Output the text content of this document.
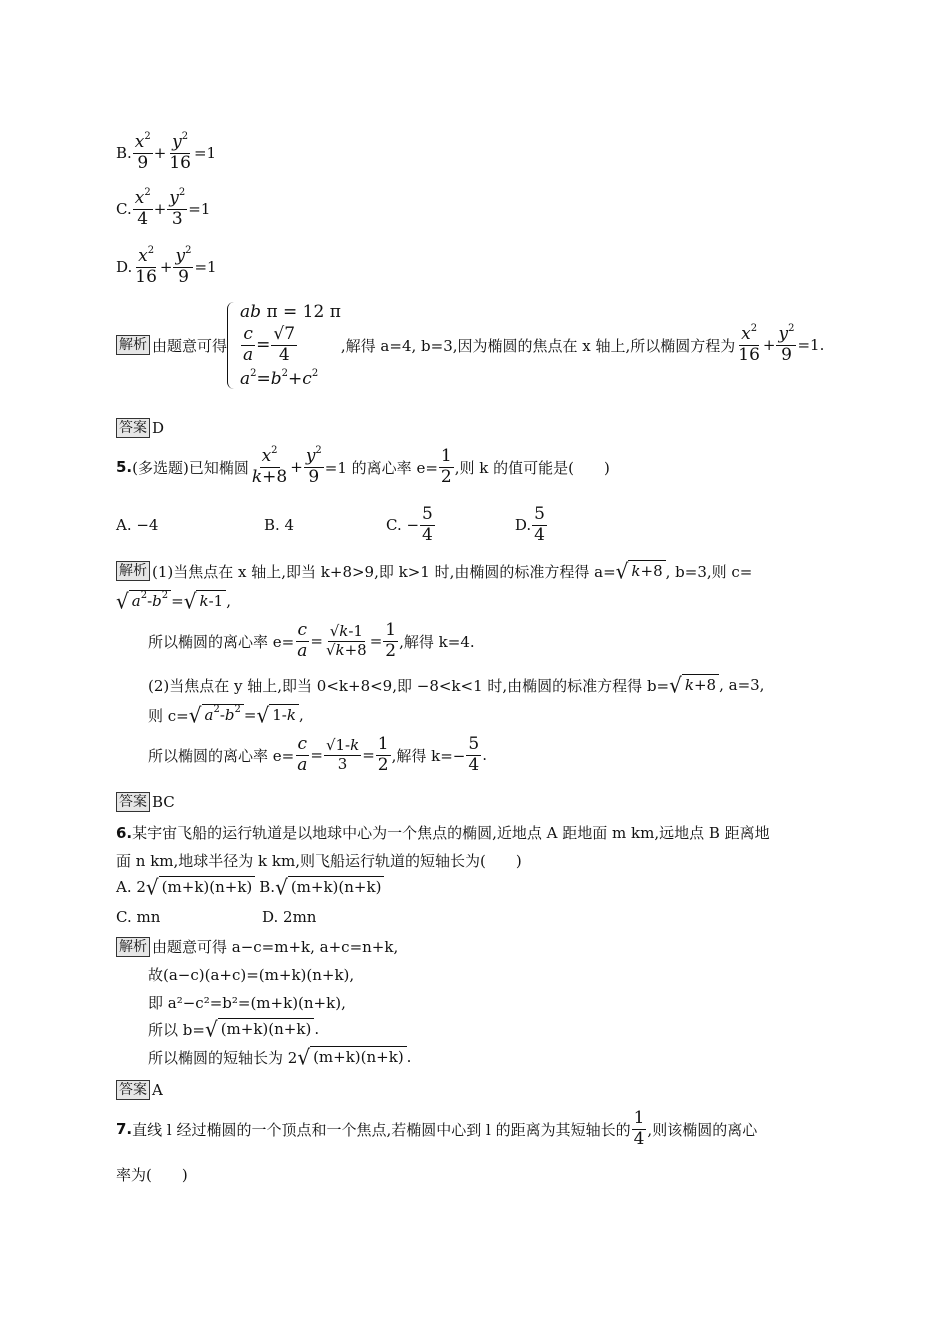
B. $\frac{x^2}{9} + \frac{y^2}{16} =1$
C. $\frac{x^2}{4} + \frac{y^2}{3} =1$
D. $\frac{x^2}{16} + \frac{y^2}{9} =1$
解析 由题意可得
ab π = 12 π
$\frac{c}{a} = \frac{√7}{4}$
$a^2=b^2+c^2$
,解得 a=4, b=3,因为椭圆的焦点在 x 轴上,所以椭圆方程为 $\frac{x^2}{16} + \frac{y^2}{9} =1$.
答案 D
5. (多选题)已知椭圆 $\frac{x^2}{k+8} + \frac{y^2}{9} =1$ 的离心率 $e= \frac{1}{2}$ ,则 k 的值可能是(　　)
A. −4	B. 4	C. − $\frac{5}{4}$	D. $\frac{5}{4}$
解析 (1)当焦点在 x 轴上,即当 k+8>9,即 k>1 时,由椭圆的标准方程得 a= √ k+8 , b=3,则 c=
√ $a^2-b^2$ = √ k-1 ,
所以椭圆的离心率 $e= \frac{c}{a} = \frac{√k-1}{√k+8} = \frac{1}{2}$ ,解得 k=4.
(2)当焦点在 y 轴上,即当 0<k+8<9,即 −8<k<1 时,由椭圆的标准方程得 b= √ k+8 , a=3,
则 c= √ $a^2-b^2$ = √ 1-k ,
所以椭圆的离心率 $e= \frac{c}{a} = \frac{√1-k}{3} = \frac{1}{2}$ ,解得 $k=- \frac{5}{4}$ .
答案 BC
6. 某宇宙飞船的运行轨道是以地球中心为一个焦点的椭圆,近地点 A 距地面 m km,远地点 B 距离地
面 n km,地球半径为 k km,则飞船运行轨道的短轴长为(　　)
A. 2 √ (m+k)(n+k) B. √ (m+k)(n+k)
C. mn	D. 2mn
解析 由题意可得 a−c=m+k, a+c=n+k,
故(a−c)(a+c)=(m+k)(n+k),
即 a²−c²=b²=(m+k)(n+k),
所以 b= √ (m+k)(n+k) .
所以椭圆的短轴长为 2 √ (m+k)(n+k) .
答案 A
7. 直线 l 经过椭圆的一个顶点和一个焦点,若椭圆中心到 l 的距离为其短轴长的 $\frac{1}{4}$ ,则该椭圆的离心
率为(　　)
